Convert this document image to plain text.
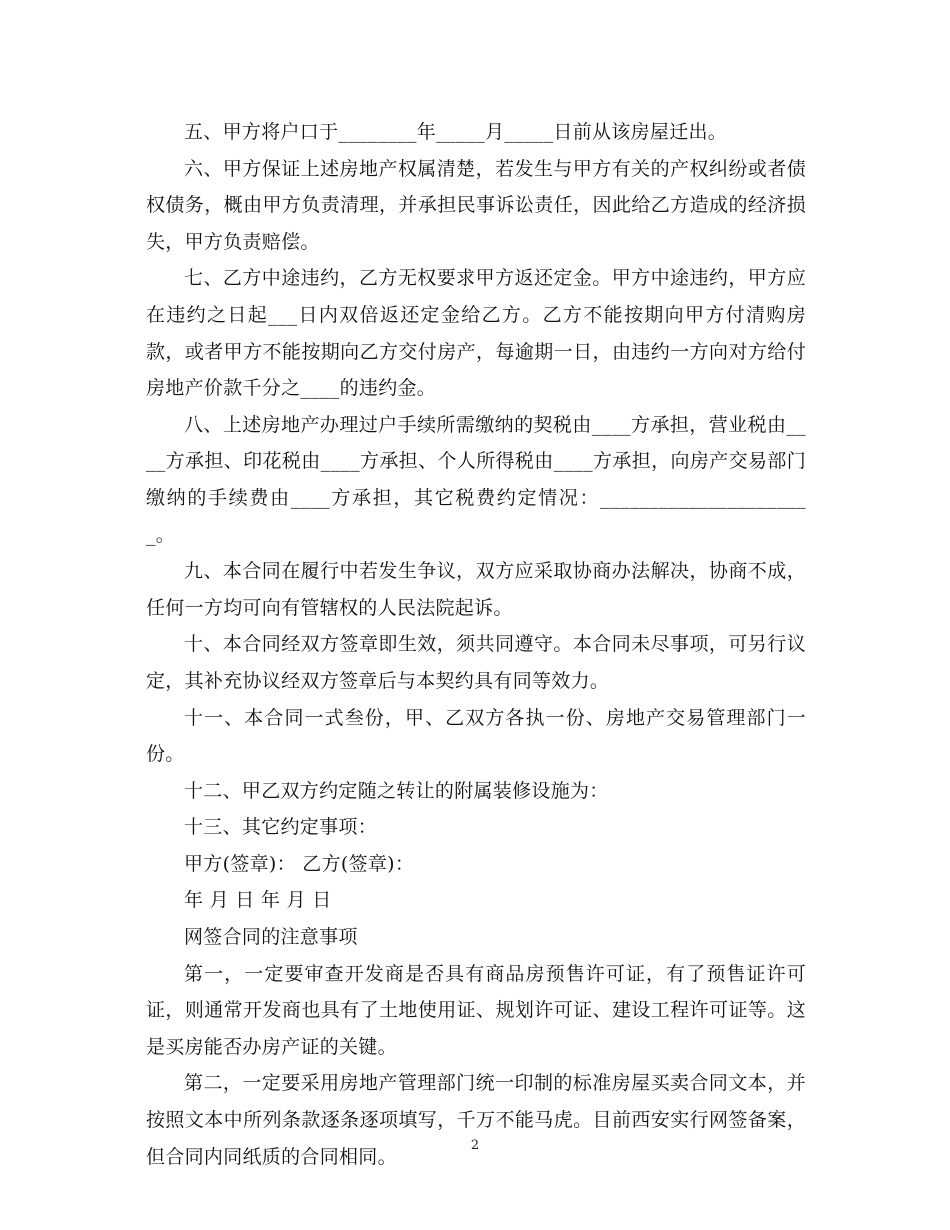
五、甲方将户口于________年_____月_____日前从该房屋迁出。

六、甲方保证上述房地产权属清楚，若发生与甲方有关的产权纠纷或者债权债务，概由甲方负责清理，并承担民事诉讼责任，因此给乙方造成的经济损失，甲方负责赔偿。

七、乙方中途违约，乙方无权要求甲方返还定金。甲方中途违约，甲方应在违约之日起___日内双倍返还定金给乙方。乙方不能按期向甲方付清购房款，或者甲方不能按期向乙方交付房产，每逾期一日，由违约一方向对方给付房地产价款千分之____的违约金。

八、上述房地产办理过户手续所需缴纳的契税由____方承担，营业税由____方承担、印花税由____方承担、个人所得税由____方承担，向房产交易部门缴纳的手续费由____方承担，其它税费约定情况：______________________。

九、本合同在履行中若发生争议，双方应采取协商办法解决，协商不成，任何一方均可向有管辖权的人民法院起诉。

十、本合同经双方签章即生效，须共同遵守。本合同未尽事项，可另行议定，其补充协议经双方签章后与本契约具有同等效力。

十一、本合同一式叁份，甲、乙双方各执一份、房地产交易管理部门一份。

十二、甲乙双方约定随之转让的附属装修设施为：

十三、其它约定事项：

甲方(签章)： 乙方(签章)：

年 月 日 年 月 日

网签合同的注意事项

第一，一定要审查开发商是否具有商品房预售许可证，有了预售证许可证，则通常开发商也具有了土地使用证、规划许可证、建设工程许可证等。这是买房能否办房产证的关键。

第二，一定要采用房地产管理部门统一印制的标准房屋买卖合同文本，并按照文本中所列条款逐条逐项填写，千万不能马虎。目前西安实行网签备案，但合同内同纸质的合同相同。

2
